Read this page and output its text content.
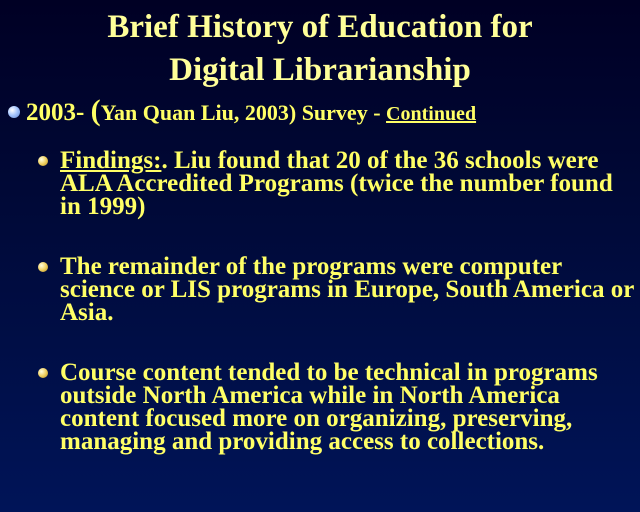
Brief History of Education for
Digital Librarianship
2003- (Yan Quan Liu, 2003) Survey - Continued
Findings:. Liu found that 20 of the 36 schools were ALA Accredited Programs (twice the number found in 1999)
The remainder of the programs were computer science or LIS programs in Europe, South America or Asia.
Course content tended to be technical in programs outside North America while in North America content focused more on organizing, preserving, managing and providing access to collections.
